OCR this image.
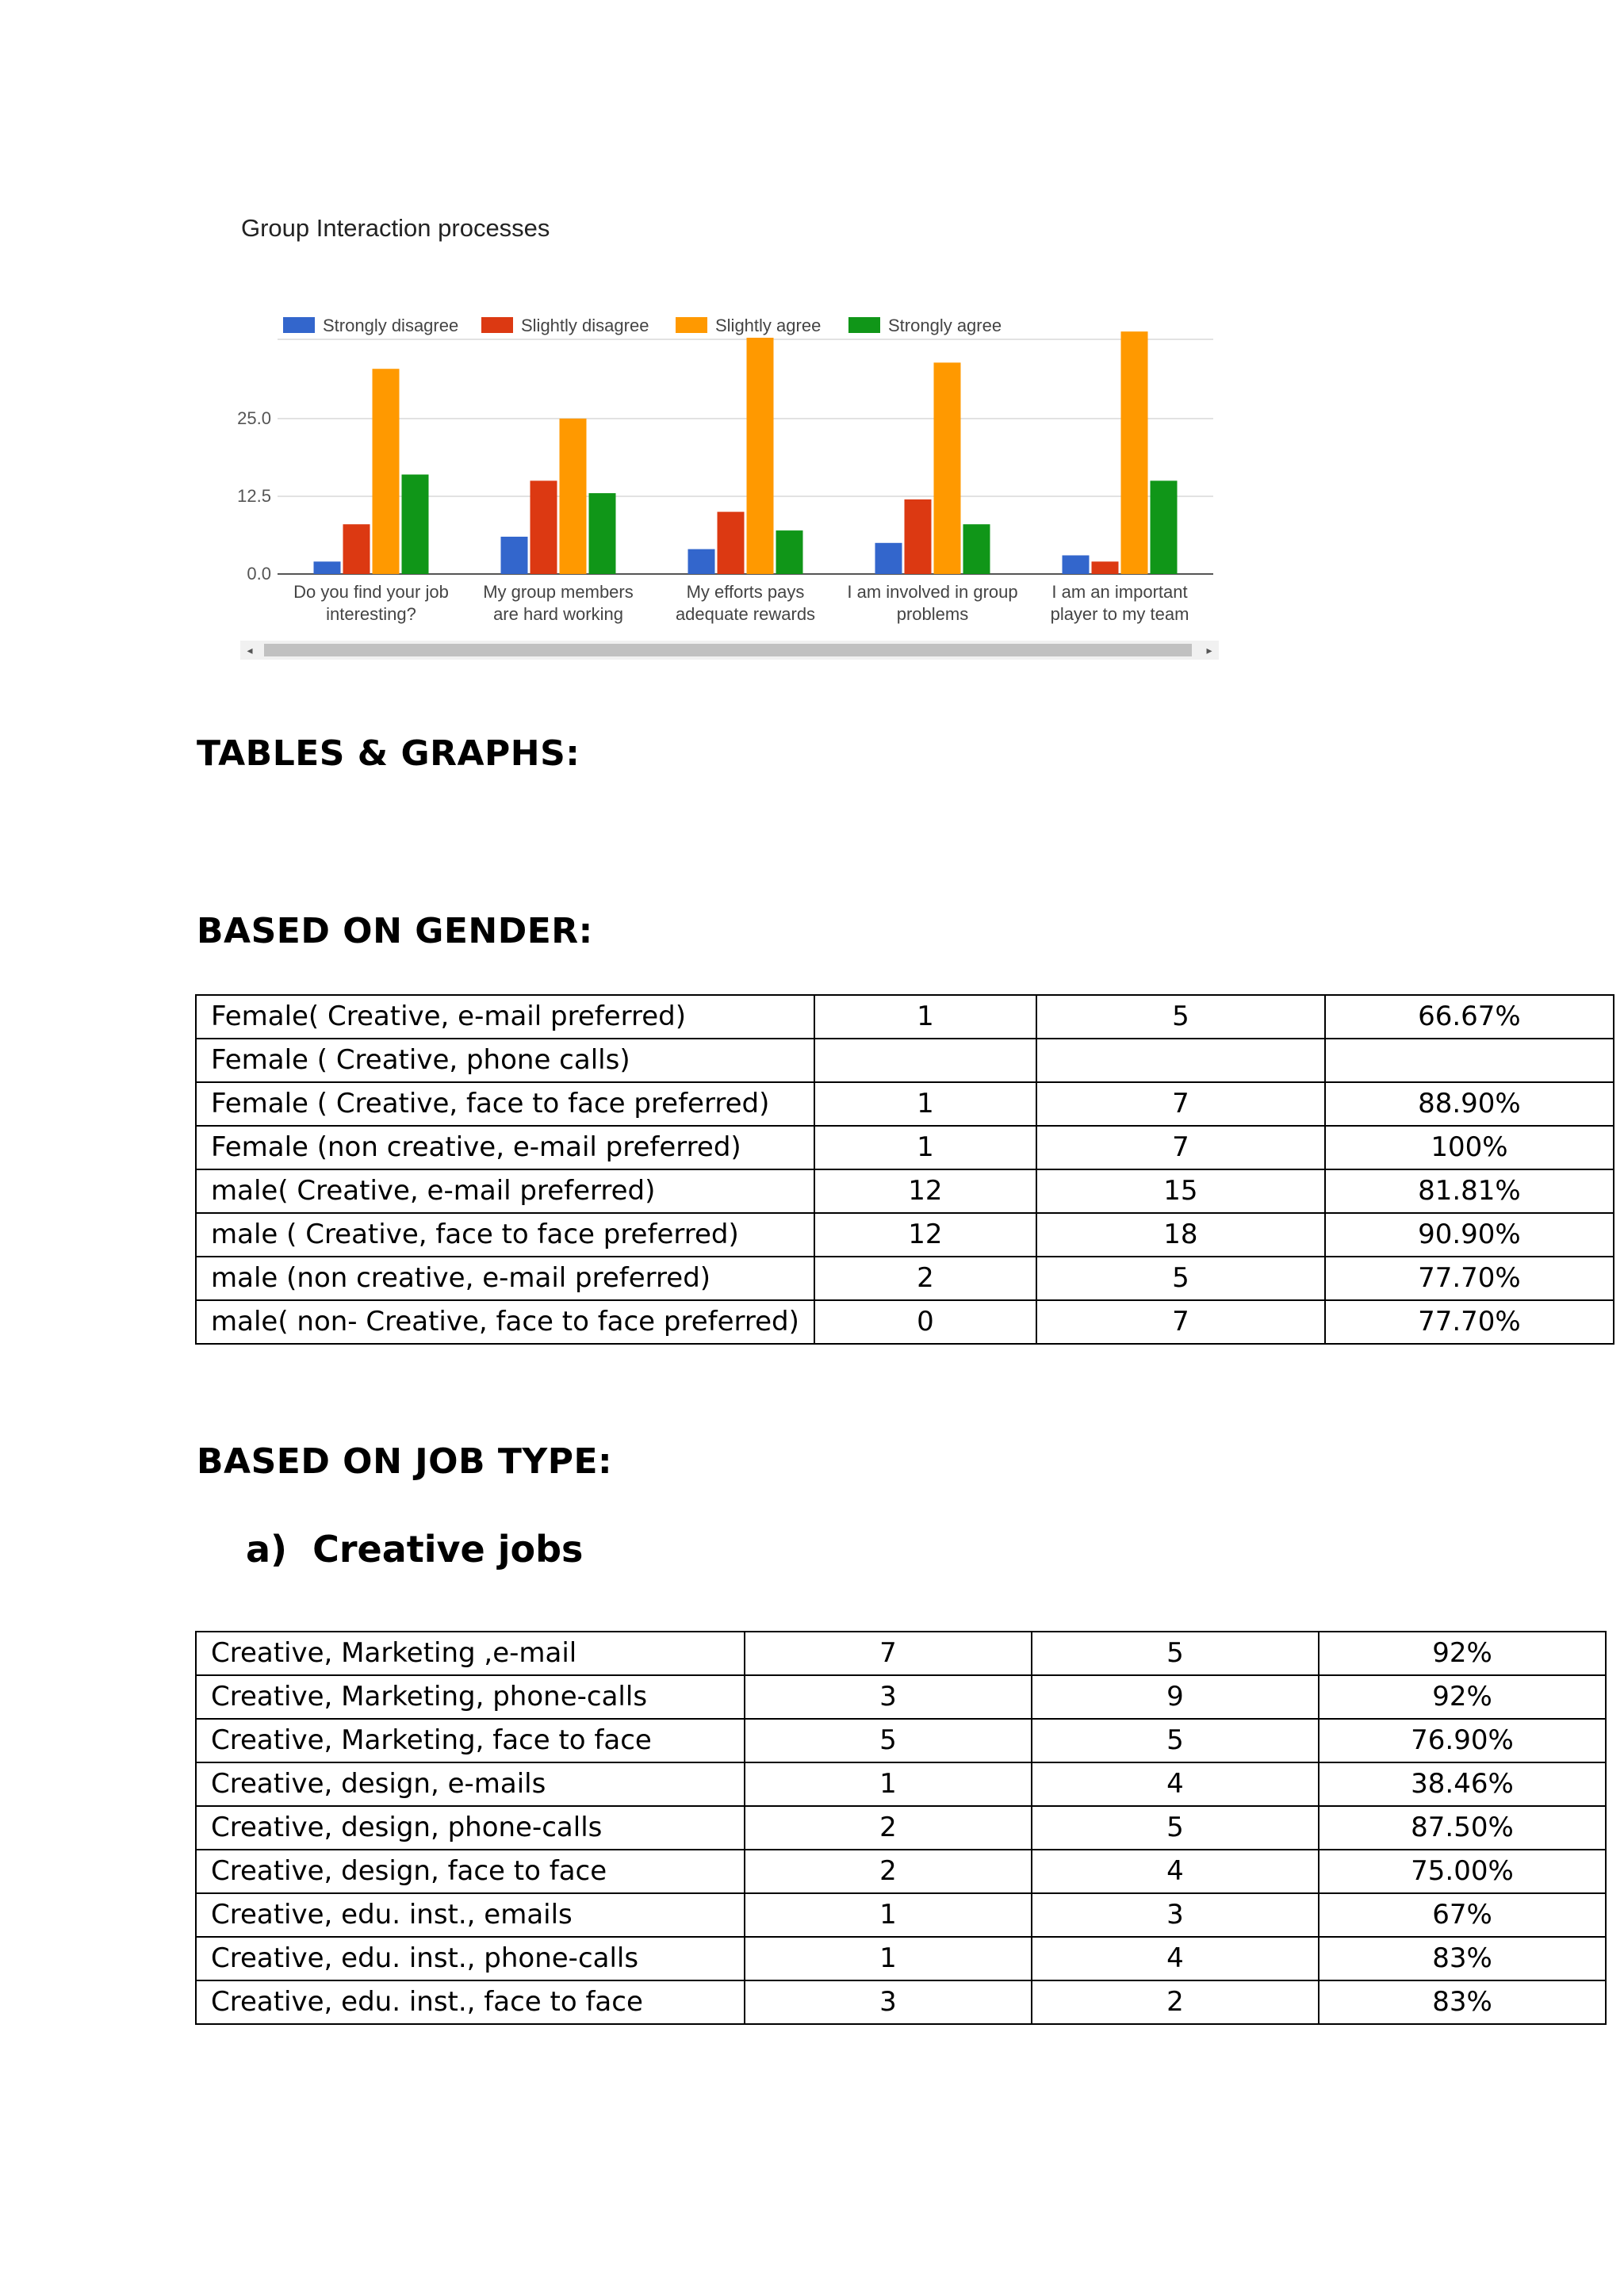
Group Interaction processes
Strongly disagree	Slightly disagree	Slightly agree	Strongly agree
0.0
12.5
25.0
Do you find your job
interesting?
My group members
are hard working
My efforts pays
adequate rewards
I am involved in group
problems
I am an important
player to my team
◂	▸
TABLES & GRAPHS:
BASED ON GENDER:
Female( Creative, e-mail preferred)	1	5	66.67%
Female ( Creative, phone calls)			
Female ( Creative, face to face preferred)	1	7	88.90%
Female (non creative, e-mail preferred)	1	7	100%
male( Creative, e-mail preferred)	12	15	81.81%
male ( Creative, face to face preferred)	12	18	90.90%
male (non creative, e-mail preferred)	2	5	77.70%
male( non- Creative, face to face preferred)	0	7	77.70%
BASED ON JOB TYPE:
a) Creative jobs
Creative, Marketing ,e-mail	7	5	92%
Creative, Marketing, phone-calls	3	9	92%
Creative, Marketing, face to face	5	5	76.90%
Creative, design, e-mails	1	4	38.46%
Creative, design, phone-calls	2	5	87.50%
Creative, design, face to face	2	4	75.00%
Creative, edu. inst., emails	1	3	67%
Creative, edu. inst., phone-calls	1	4	83%
Creative, edu. inst., face to face	3	2	83%
